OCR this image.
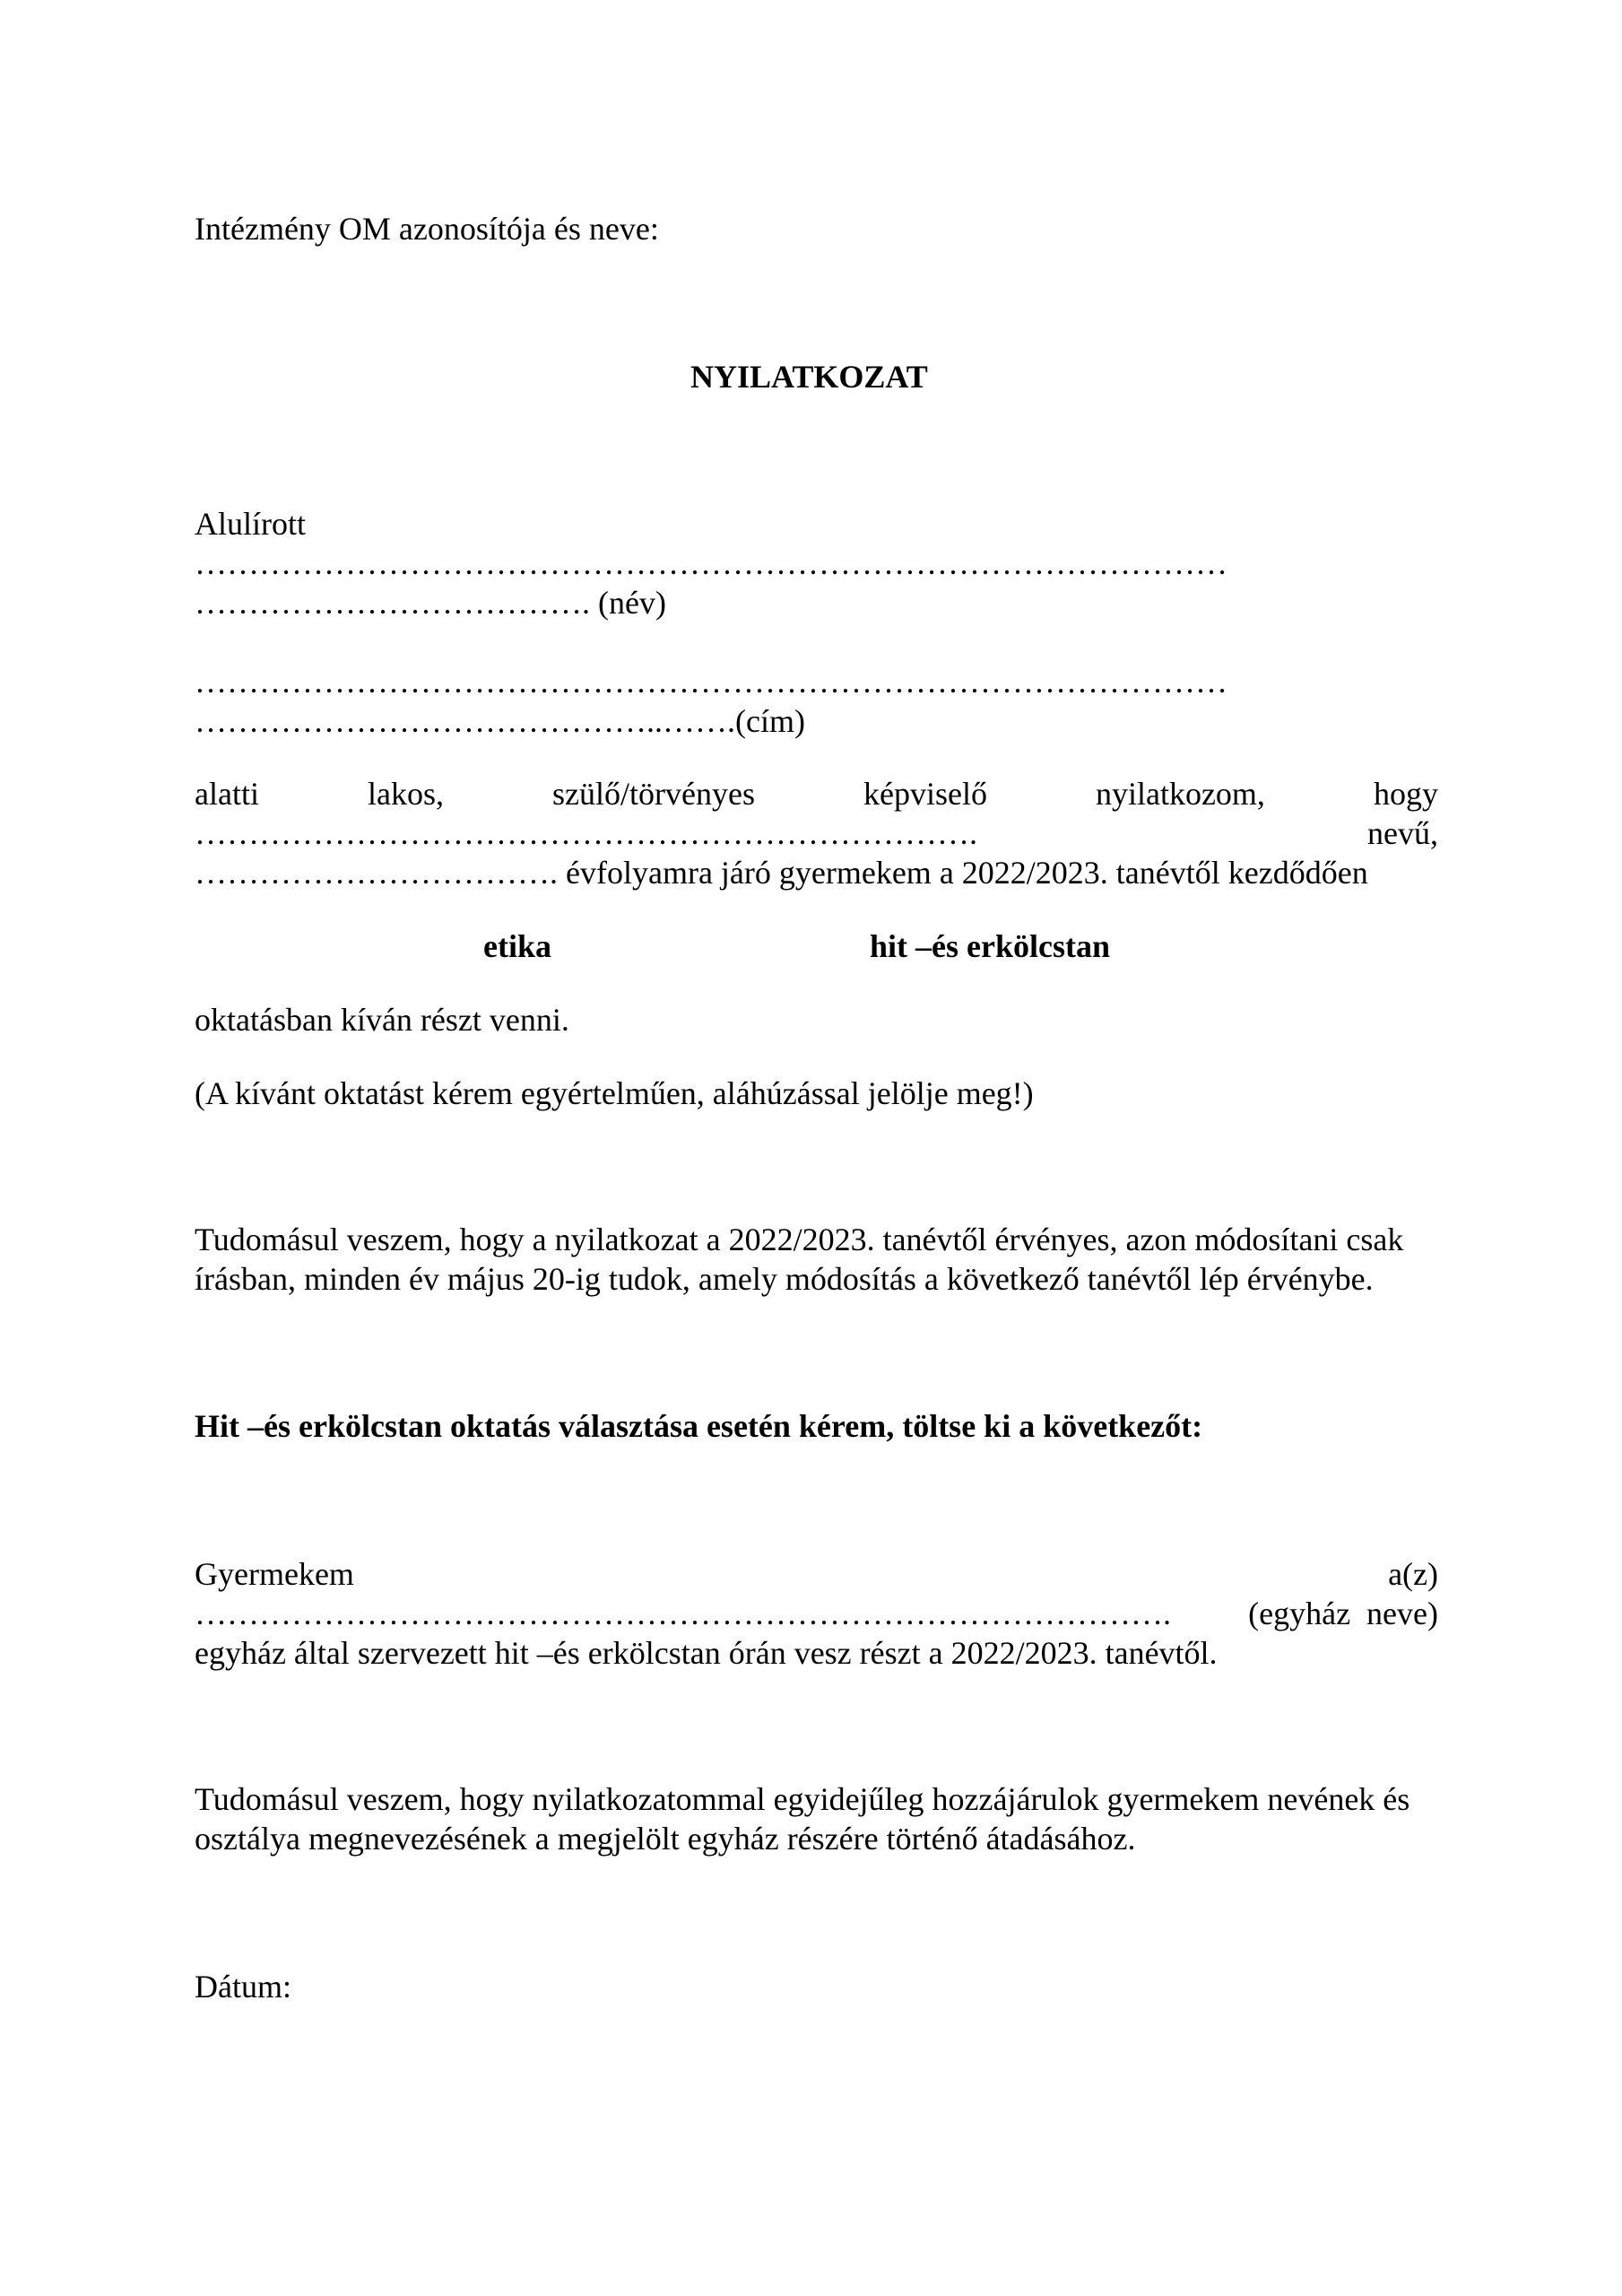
Intézmény OM azonosítója és neve:
NYILATKOZAT
Alulírott
……………………………………………………………………………………
………………………………. (név)
……………………………………………………………………………………
……………………………………..…….(cím)
alatti	lakos,	szülő/törvényes	képviselő	nyilatkozom,	hogy
……………………………………………………………….	nevű,
……………………………. évfolyamra járó gyermekem a 2022/2023. tanévtől kezdődően
etika	hit –és erkölcstan
oktatásban kíván részt venni.
(A kívánt oktatást kérem egyértelműen, aláhúzással jelölje meg!)
Tudomásul veszem, hogy a nyilatkozat a 2022/2023. tanévtől érvényes, azon módosítani csak
írásban, minden év május 20-ig tudok, amely módosítás a következő tanévtől lép érvénybe.
Hit –és erkölcstan oktatás választása esetén kérem, töltse ki a következőt:
Gyermekem	a(z)
………………………………………………………………………………. (egyház  neve)
egyház által szervezett hit –és erkölcstan órán vesz részt a 2022/2023. tanévtől.
Tudomásul veszem, hogy nyilatkozatommal egyidejűleg hozzájárulok gyermekem nevének és
osztálya megnevezésének a megjelölt egyház részére történő átadásához.
Dátum:
